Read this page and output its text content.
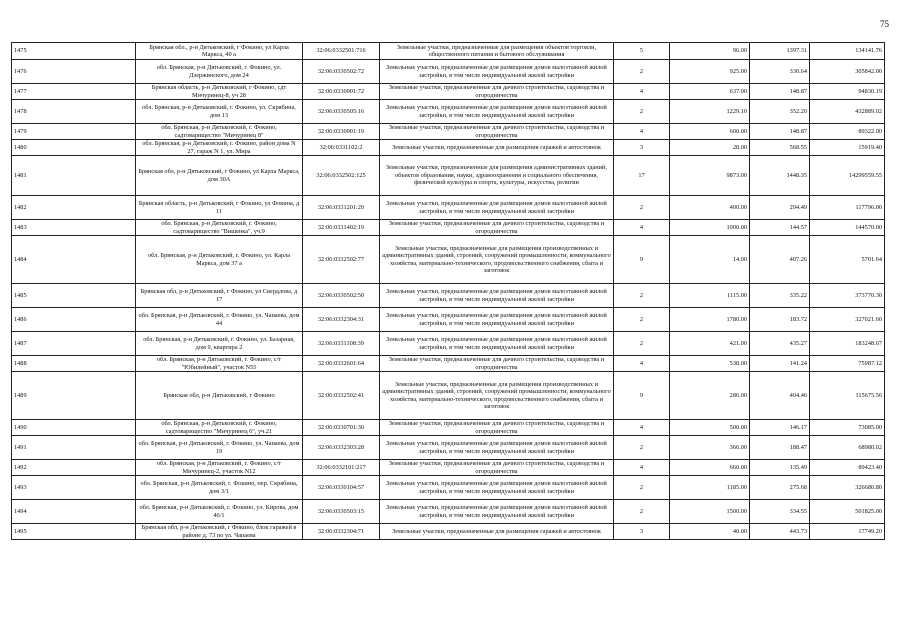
75
1475	Брянская обл., р-н Дятьковский, г Фокино, ул Карла Маркса, 40 а	32:06:0332501:716	Земельные участки, предназначенные для размещения объектов торговли, общественного питания и бытового обслуживания	5	96.00	1397.31	134141.76
1476	обл. Брянская, р-н Дятьковский, г. Фокино, ул. Дзержинского, дом 24	32:06:0330502:72	Земельные участки, предназначенные для размещения домов малоэтажной жилой застройки, в том числе индивидуальной жилой застройки	2	925.00	330.64	305842.00
1477	Брянская область, р-н Дятьковский, г Фокино, сдт Мичуринец-8, уч 28	32:06:0330901:72	Земельные участки, предназначенные для дачного строительства, садоводства и огородничества	4	637.00	148.87	94830.19
1478	обл. Брянская, р-н Дятьковский, г. Фокино, ул. Скрябина, дом 13	32:06:0330505:16	Земельные участки, предназначенные для размещения домов малоэтажной жилой застройки, в том числе индивидуальной жилой застройки	2	1229.10	352.20	432889.02
1479	обл. Брянская, р-н Дятьковский, г. Фокино, садтоварищество "Мичуринец 8"	32:06:0330901:19	Земельные участки, предназначенные для дачного строительства, садоводства и огородничества	4	600.00	148.87	89322.00
1480	обл. Брянская, р-н Дятьковский, г. Фокино, район дома N 27, гараж N 1, ул. Мира	32:06:0331102:2	Земельные участки, предназначенные для размещения гаражей и автостоянок	3	28.00	568.55	15919.40
1481	Брянская обл, р-н Дятьковский, г Фокино, ул Карла Маркса, дом 30А	32:06:0332502:125	Земельные участки, предназначенные для размещения административных зданий, объектов образования, науки, здравоохранения и социального обеспечения, физической культуры и спорта, культуры, искусства, религии	17	9873.00	1448.35	14299559.55
1482	Брянская область, р-н Дятьковский, г Фокино, ул Фокина, д 11	32:06:0331201:20	Земельные участки, предназначенные для размещения домов малоэтажной жилой застройки, в том числе индивидуальной жилой застройки	2	400.00	294.49	117796.00
1483	обл. Брянская, р-н Дятьковский, г. Фокино, садтоварищество "Вишенка", уч.9	32:06:0331402:19	Земельные участки, предназначенные для дачного строительства, садоводства и огородничества	4	1000.00	144.57	144570.00
1484	обл. Брянская, р-н Дятьковский, г. Фокино, ул. Карла Маркса, дом 37 а	32:06:0332502:77	Земельные участки, предназначенные для размещения производственных и административных зданий, строений, сооружений промышленности, коммунального хозяйства, материально-технического, продовольственного снабжения, сбыта и заготовок	9	14.00	407.26	5701.64
1485	Брянская обл, р-н Дятьковский, г Фокино, ул Свердлова, д 17	32:06:0330502:50	Земельные участки, предназначенные для размещения домов малоэтажной жилой застройки, в том числе индивидуальной жилой застройки	2	1115.00	335.22	373770.30
1486	обл. Брянская, р-н Дятьковский, г. Фокино, ул. Чапаева, дом 44	32:06:0332304:31	Земельные участки, предназначенные для размещения домов малоэтажной жилой застройки, в том числе индивидуальной жилой застройки	2	1780.00	183.72	327021.60
1487	обл. Брянская, р-н Дятьковский, г. Фокино, ул. Базарная, дом 9, квартира 2	32:06:0331108:39	Земельные участки, предназначенные для размещения домов малоэтажной жилой застройки, в том числе индивидуальной жилой застройки	2	421.00	435.27	183248.67
1488	обл. Брянская, р-н Дятьковский, г. Фокино, с/т "Юбилейный", участок N55	32:06:0332601:64	Земельные участки, предназначенные для дачного строительства, садоводства и огородничества	4	538.00	141.24	75987.12
1489	Брянская обл, р-н Дятьковский, г Фокино	32:06:0332502:41	Земельные участки, предназначенные для размещения производственных и административных зданий, строений, сооружений промышленности, коммунального хозяйства, материально-технического, продовольственного снабжения, сбыта и заготовок	9	286.00	404.46	115675.56
1490	обл. Брянская, р-н Дятьковский, г. Фокино, садтоварищество "Мичуринец 6", уч.21	32:06:0330701:30	Земельные участки, предназначенные для дачного строительства, садоводства и огородничества	4	500.00	146.17	73085.00
1491	обл. Брянская, р-н Дятьковский, г. Фокино, ул. Чапаева, дом 19	32:06:0332303:28	Земельные участки, предназначенные для размещения домов малоэтажной жилой застройки, в том числе индивидуальной жилой застройки	2	366.00	188.47	68980.02
1492	обл. Брянская, р-н Дятьковский, г. Фокино, с/т Мичуринец-2, участок N12	32:06:0332101:217	Земельные участки, предназначенные для дачного строительства, садоводства и огородничества	4	660.00	135.49	89423.40
1493	обл. Брянская, р-н Дятьковский, г. Фокино, пер. Скрябина, дом 3/1	32:06:0330104:57	Земельные участки, предназначенные для размещения домов малоэтажной жилой застройки, в том числе индивидуальной жилой застройки	2	1185.00	275.68	326680.80
1494	обл. Брянская, р-н Дятьковский, г. Фокино, ул. Кирова, дом 46/1	32:06:0330503:15	Земельные участки, предназначенные для размещения домов малоэтажной жилой застройки, в том числе индивидуальной жилой застройки	2	1500.00	334.55	501825.00
1495	Брянская обл, р-н Дятьковский, г Фокино, блок гаражей в районе д. 73 по ул. Чапаева	32:06:0332304:71	Земельные участки, предназначенные для размещения гаражей и автостоянок	3	40.00	443.73	17749.20
